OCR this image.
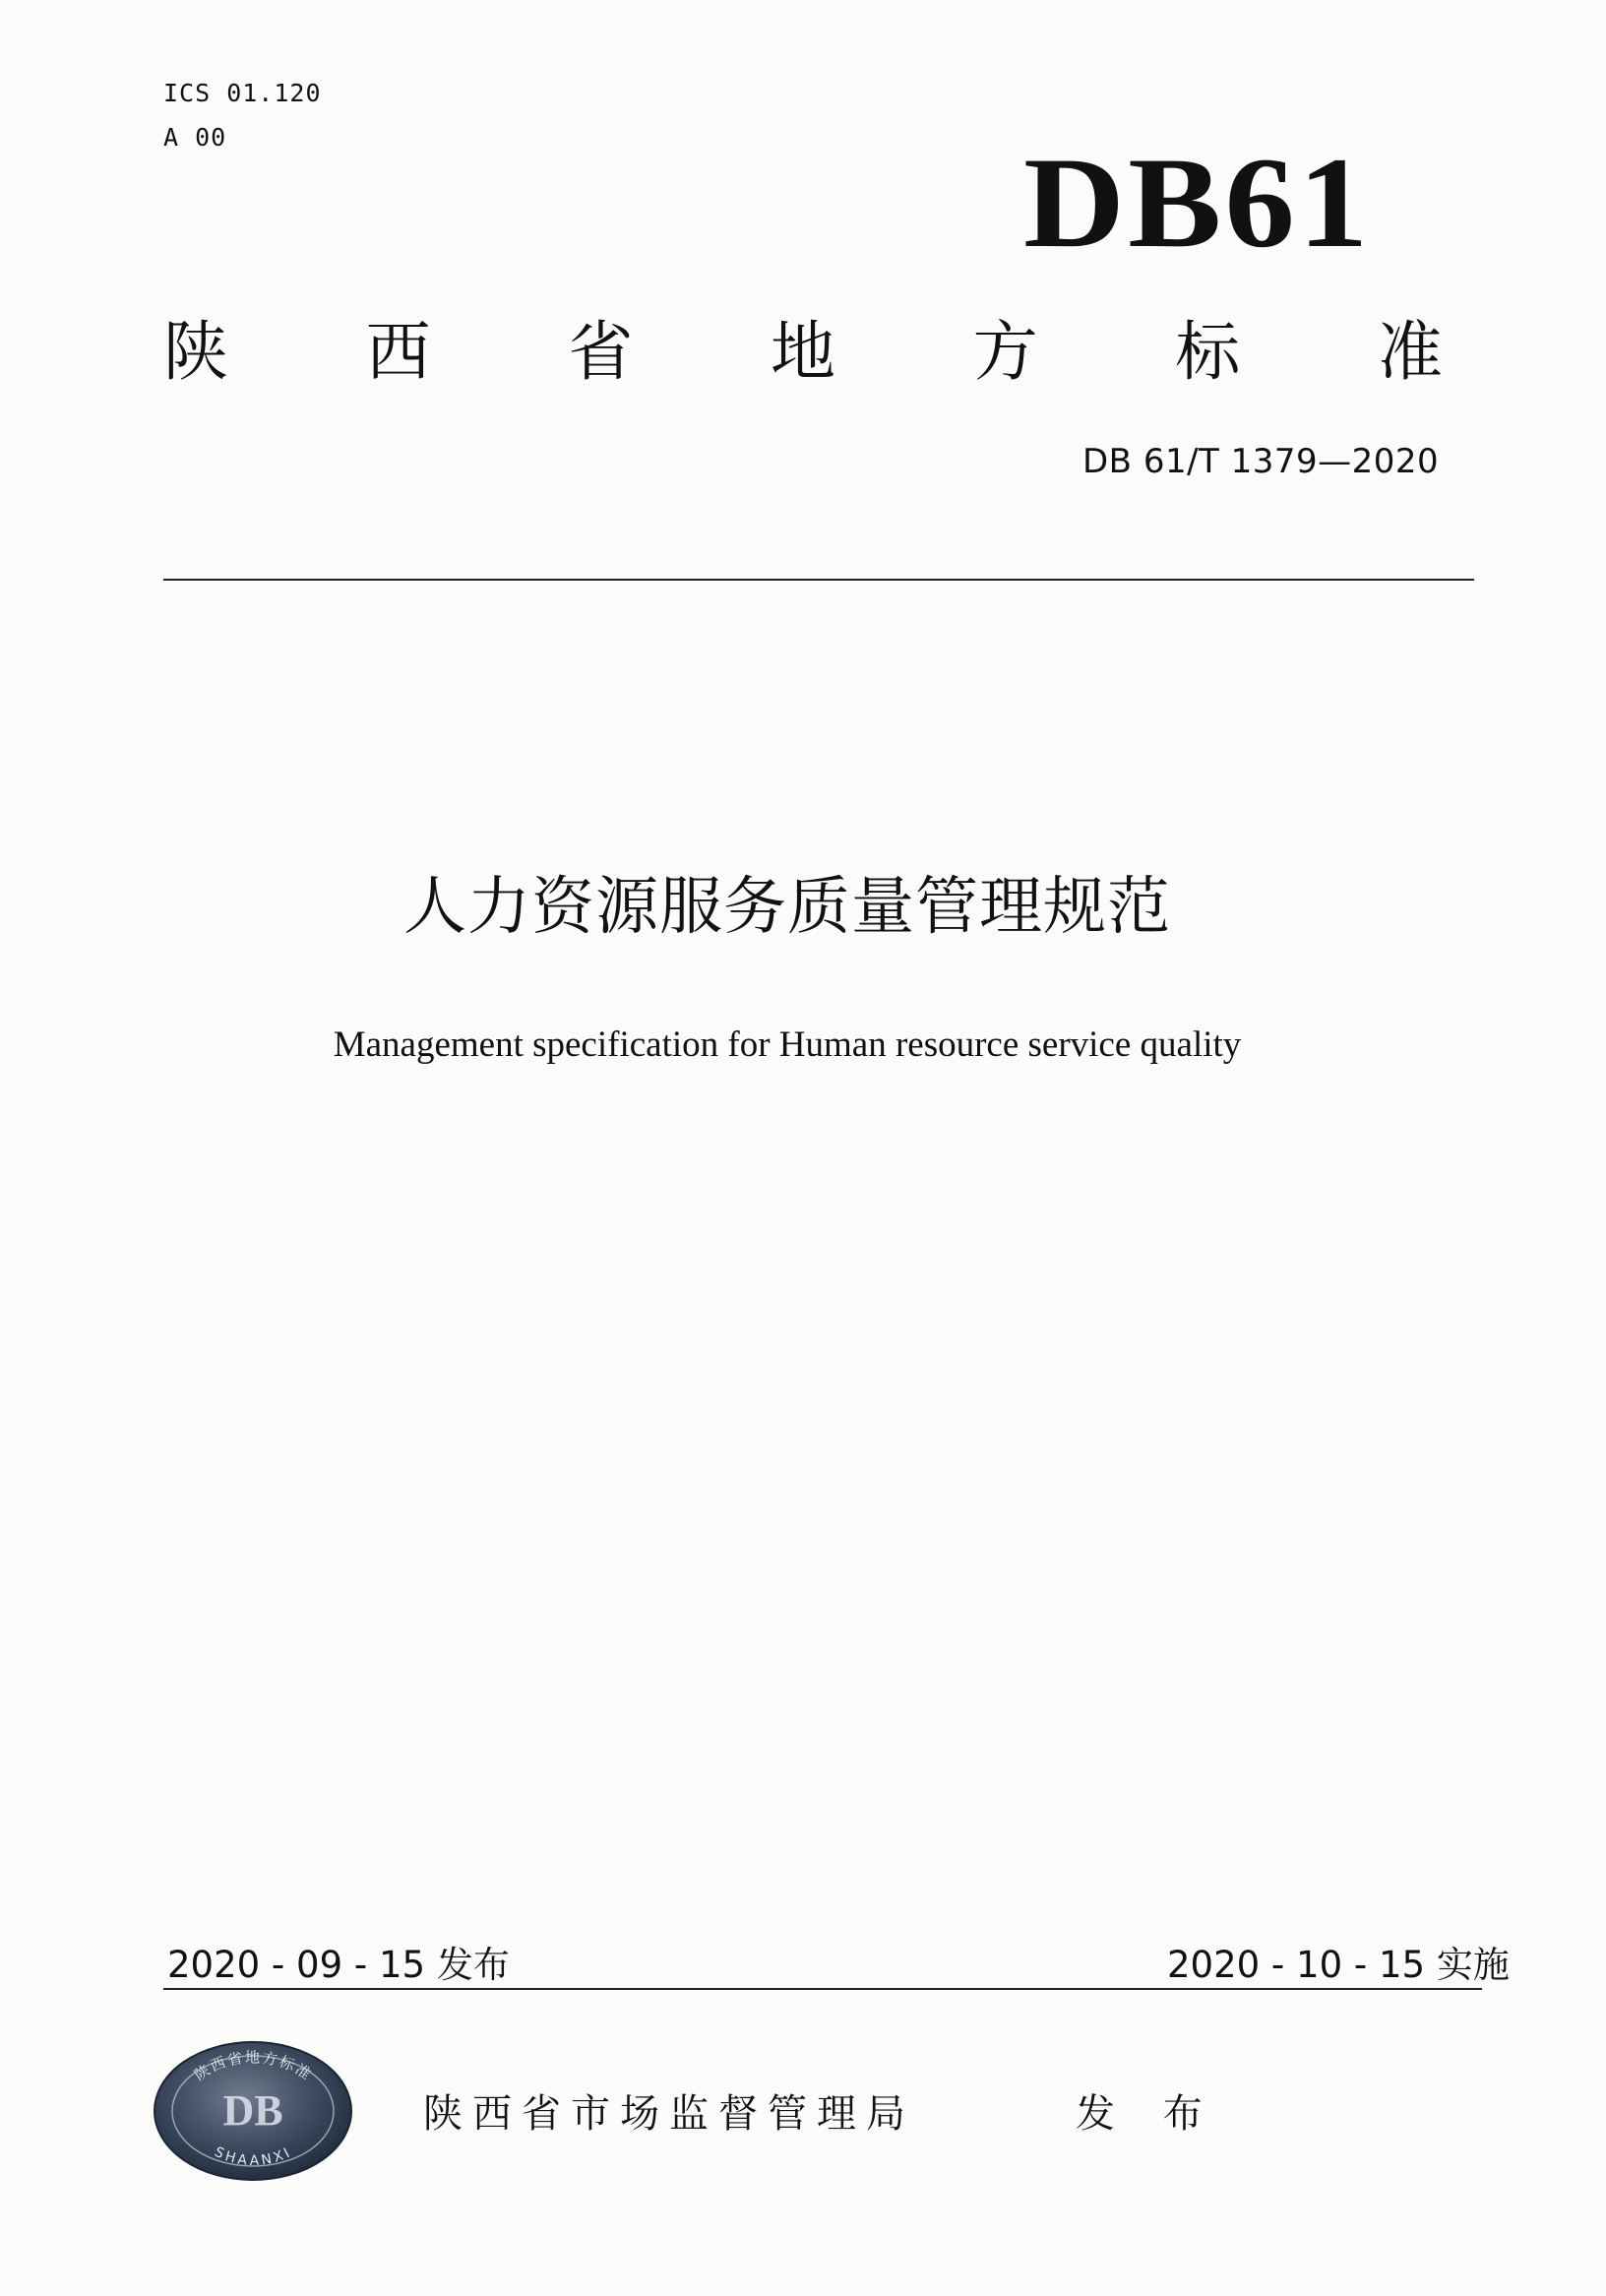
ICS 01.120
A 00	DB61
陕 西 省 地 方 标 准
DB 61/T 1379—2020
人力资源服务质量管理规范
Management specification for Human resource service quality
2020 - 09 - 15 发布	2020 - 10 - 15 实施
陕西省地方标准
DB
SHAANXI
陕西省市场监督管理局	发 布
